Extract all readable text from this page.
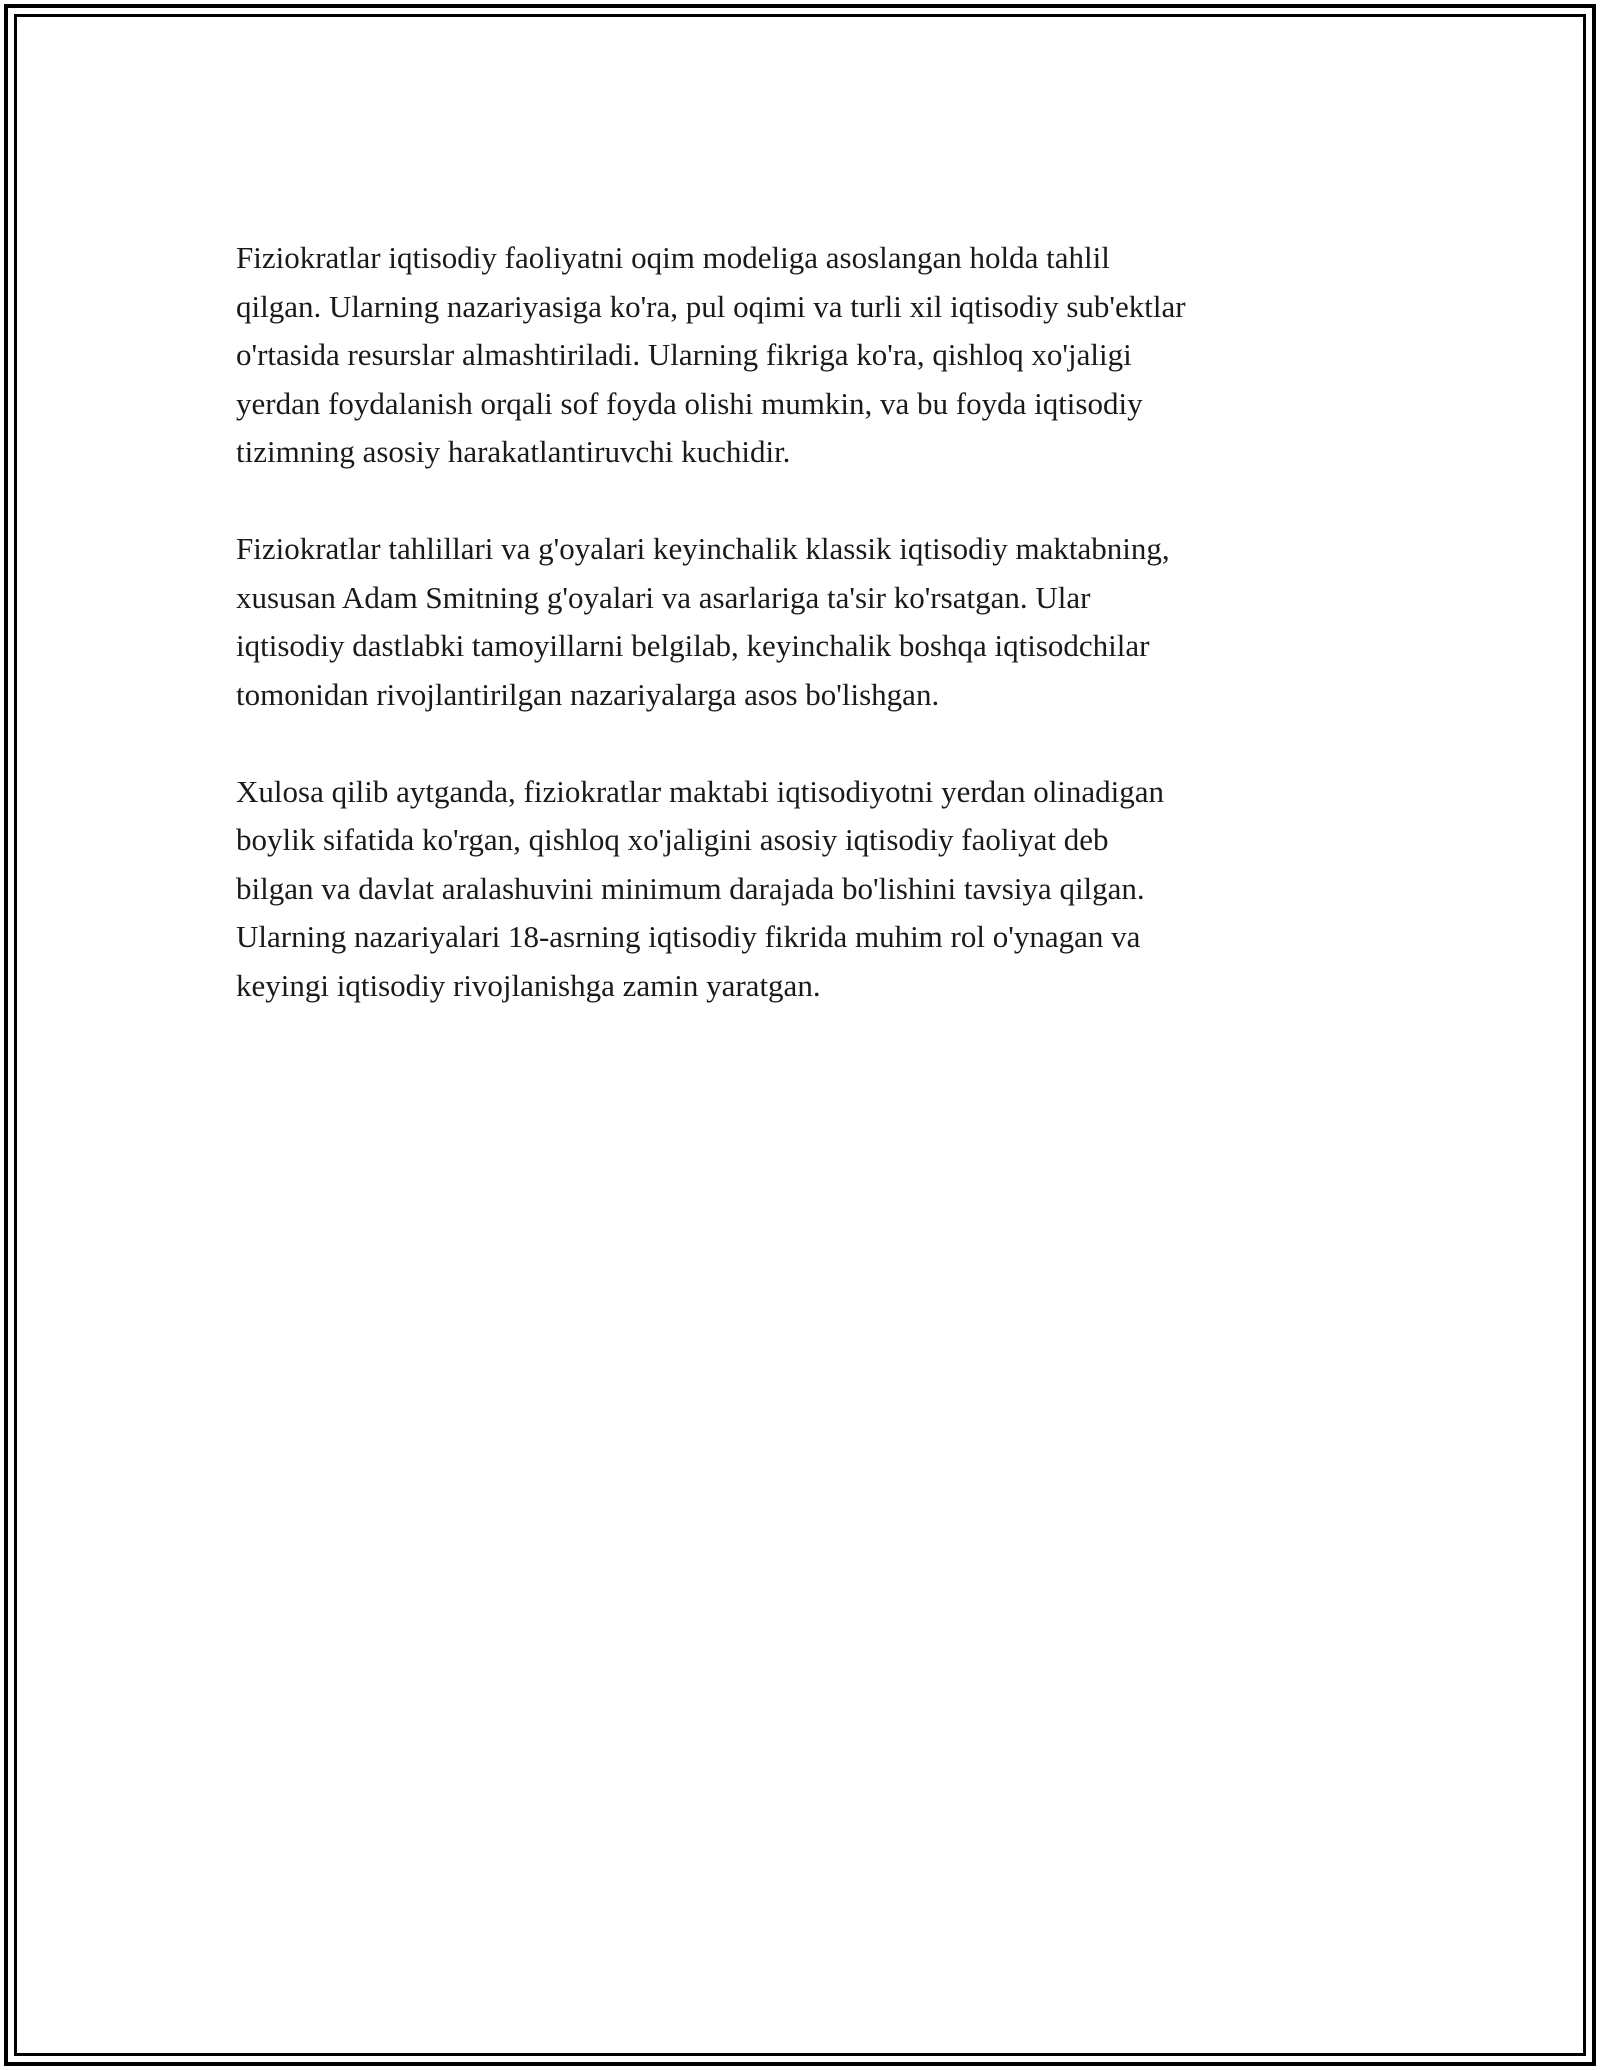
Fiziokratlar iqtisodiy faoliyatni oqim modeliga asoslangan holda tahlil
qilgan. Ularning nazariyasiga ko'ra, pul oqimi va turli xil iqtisodiy sub'ektlar
o'rtasida resurslar almashtiriladi. Ularning fikriga ko'ra, qishloq xo'jaligi
yerdan foydalanish orqali sof foyda olishi mumkin, va bu foyda iqtisodiy
tizimning asosiy harakatlantiruvchi kuchidir.

Fiziokratlar tahlillari va g'oyalari keyinchalik klassik iqtisodiy maktabning,
xususan Adam Smitning g'oyalari va asarlariga ta'sir ko'rsatgan. Ular
iqtisodiy dastlabki tamoyillarni belgilab, keyinchalik boshqa iqtisodchilar
tomonidan rivojlantirilgan nazariyalarga asos bo'lishgan.

Xulosa qilib aytganda, fiziokratlar maktabi iqtisodiyotni yerdan olinadigan
boylik sifatida ko'rgan, qishloq xo'jaligini asosiy iqtisodiy faoliyat deb
bilgan va davlat aralashuvini minimum darajada bo'lishini tavsiya qilgan.
Ularning nazariyalari 18-asrning iqtisodiy fikrida muhim rol o'ynagan va
keyingi iqtisodiy rivojlanishga zamin yaratgan.
